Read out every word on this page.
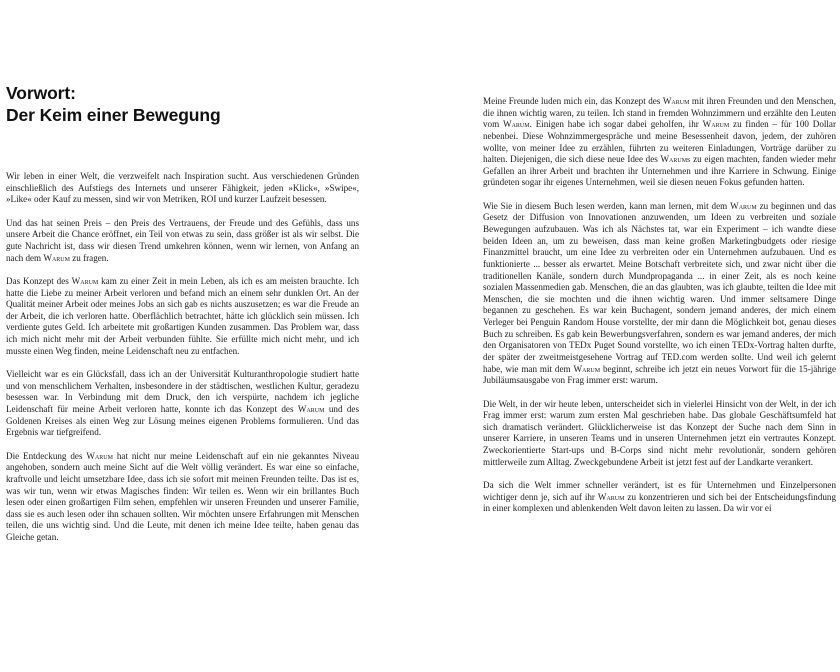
Vorwort:
Der Keim einer Bewegung

Wir leben in einer Welt, die verzweifelt nach Inspiration sucht. Aus verschiedenen Gründen einschließlich des Aufstiegs des Internets und unserer Fähigkeit, jeden »Klick«, »Swipe«, »Like« oder Kauf zu messen, sind wir von Metriken, ROI und kurzer Laufzeit besessen.

Und das hat seinen Preis – den Preis des Vertrauens, der Freude und des Gefühls, dass uns unsere Arbeit die Chance eröffnet, ein Teil von etwas zu sein, dass größer ist als wir selbst. Die gute Nachricht ist, dass wir diesen Trend umkehren können, wenn wir lernen, von Anfang an nach dem Warum zu fragen.

Das Konzept des Warum kam zu einer Zeit in mein Leben, als ich es am meisten brauchte. Ich hatte die Liebe zu meiner Arbeit verloren und befand mich an einem sehr dunklen Ort. An der Qualität meiner Arbeit oder meines Jobs an sich gab es nichts auszusetzen; es war die Freude an der Arbeit, die ich verloren hatte. Oberflächlich betrachtet, hätte ich glücklich sein müssen. Ich verdiente gutes Geld. Ich arbeitete mit großartigen Kunden zusammen. Das Problem war, dass ich mich nicht mehr mit der Arbeit verbunden fühlte. Sie erfüllte mich nicht mehr, und ich musste einen Weg finden, meine Leidenschaft neu zu entfachen.

Vielleicht war es ein Glücksfall, dass ich an der Universität Kulturanthropologie studiert hatte und von menschlichem Verhalten, insbesondere in der städtischen, westlichen Kultur, geradezu besessen war. In Verbindung mit dem Druck, den ich verspürte, nachdem ich jegliche Leidenschaft für meine Arbeit verloren hatte, konnte ich das Konzept des Warum und des Goldenen Kreises als einen Weg zur Lösung meines eigenen Problems formulieren. Und das Ergebnis war tiefgreifend.

Die Entdeckung des Warum hat nicht nur meine Leidenschaft auf ein nie gekanntes Niveau angehoben, sondern auch meine Sicht auf die Welt völlig verändert. Es war eine so einfache, kraftvolle und leicht umsetzbare Idee, dass ich sie sofort mit meinen Freunden teilte. Das ist es, was wir tun, wenn wir etwas Magisches finden: Wir teilen es. Wenn wir ein brillantes Buch lesen oder einen großartigen Film sehen, empfehlen wir unseren Freunden und unserer Familie, dass sie es auch lesen oder ihn schauen sollten. Wir möchten unsere Erfahrungen mit Menschen teilen, die uns wichtig sind. Und die Leute, mit denen ich meine Idee teilte, haben genau das Gleiche getan.

Meine Freunde luden mich ein, das Konzept des Warum mit ihren Freunden und den Menschen, die ihnen wichtig waren, zu teilen. Ich stand in fremden Wohnzimmern und erzählte den Leuten vom Warum. Einigen habe ich sogar dabei geholfen, ihr Warum zu finden – für 100 Dollar nebenbei. Diese Wohnzimmergespräche und meine Besessenheit davon, jedem, der zuhören wollte, von meiner Idee zu erzählen, führten zu weiteren Einladungen, Vorträge darüber zu halten. Diejenigen, die sich diese neue Idee des Warums zu eigen machten, fanden wieder mehr Gefallen an ihrer Arbeit und brachten ihr Unternehmen und ihre Karriere in Schwung. Einige gründeten sogar ihr eigenes Unternehmen, weil sie diesen neuen Fokus gefunden hatten.

Wie Sie in diesem Buch lesen werden, kann man lernen, mit dem Warum zu beginnen und das Gesetz der Diffusion von Innovationen anzuwenden, um Ideen zu verbreiten und soziale Bewegungen aufzubauen. Was ich als Nächstes tat, war ein Experiment – ich wandte diese beiden Ideen an, um zu beweisen, dass man keine großen Marketingbudgets oder riesige Finanzmittel braucht, um eine Idee zu verbreiten oder ein Unternehmen aufzubauen. Und es funktionierte ... besser als erwartet. Meine Botschaft verbreitete sich, und zwar nicht über die traditionellen Kanäle, sondern durch Mundpropaganda ... in einer Zeit, als es noch keine sozialen Massenmedien gab. Menschen, die an das glaubten, was ich glaubte, teilten die Idee mit Menschen, die sie mochten und die ihnen wichtig waren. Und immer seltsamere Dinge begannen zu geschehen. Es war kein Buchagent, sondern jemand anderes, der mich einem Verleger bei Penguin Random House vorstellte, der mir dann die Möglichkeit bot, genau dieses Buch zu schreiben. Es gab kein Bewerbungsverfahren, sondern es war jemand anderes, der mich den Organisatoren von TEDx Puget Sound vorstellte, wo ich einen TEDx-Vortrag halten durfte, der später der zweitmeistgesehene Vortrag auf TED.com werden sollte. Und weil ich gelernt habe, wie man mit dem Warum beginnt, schreibe ich jetzt ein neues Vorwort für die 15-jährige Jubiläumsausgabe von Frag immer erst: warum.

Die Welt, in der wir heute leben, unterscheidet sich in vielerlei Hinsicht von der Welt, in der ich Frag immer erst: warum zum ersten Mal geschrieben habe. Das globale Geschäftsumfeld hat sich dramatisch verändert. Glücklicherweise ist das Konzept der Suche nach dem Sinn in unserer Karriere, in unseren Teams und in unseren Unternehmen jetzt ein vertrautes Konzept. Zweckorientierte Start-ups und B-Corps sind nicht mehr revolutionär, sondern gehören mittlerweile zum Alltag. Zweckgebundene Arbeit ist jetzt fest auf der Landkarte verankert.

Da sich die Welt immer schneller verändert, ist es für Unternehmen und Einzelpersonen wichtiger denn je, sich auf ihr Warum zu konzentrieren und sich bei der Entscheidungsfindung in einer komplexen und ablenkenden Welt davon leiten zu lassen. Da wir vor ei
